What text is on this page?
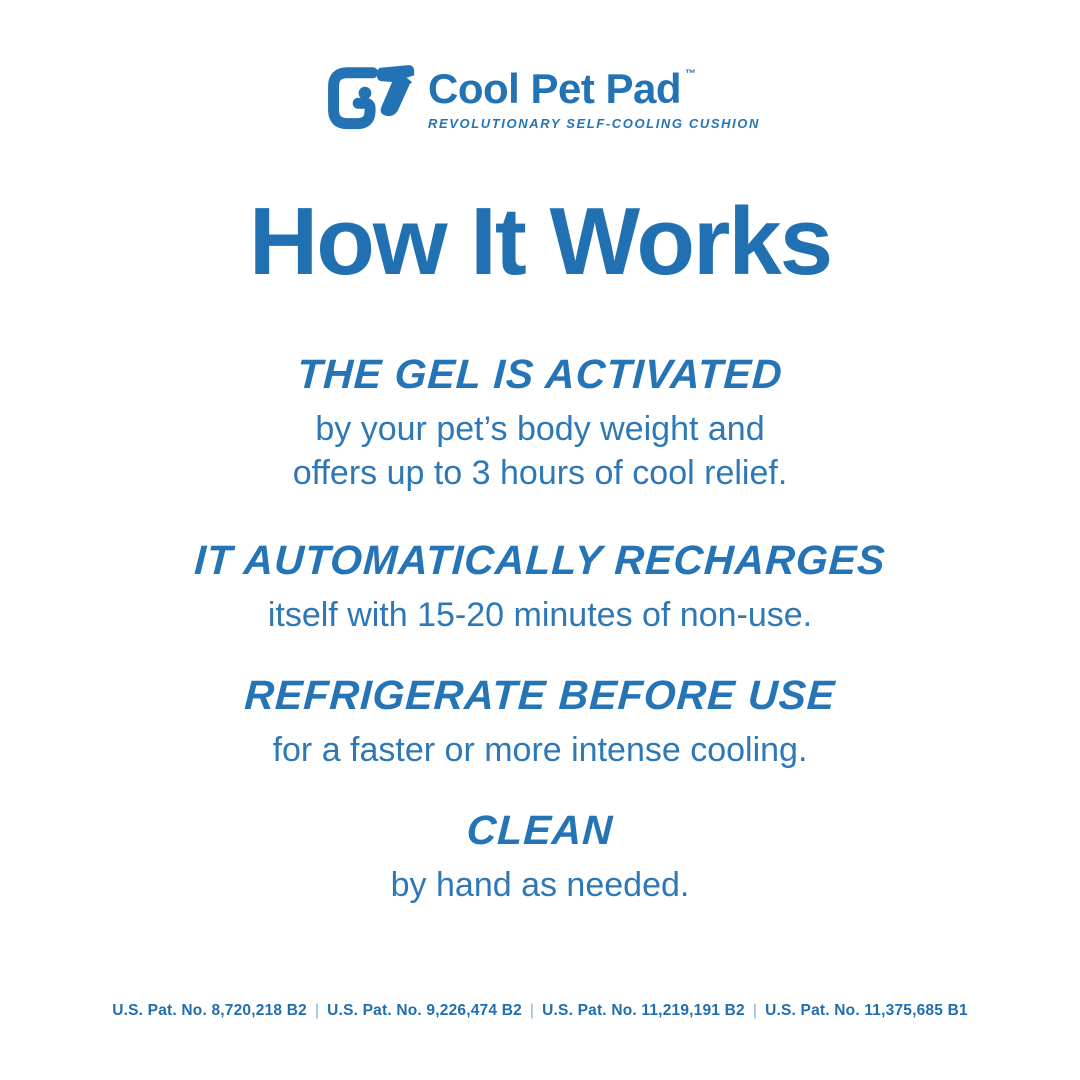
Cool Pet Pad ™
REVOLUTIONARY SELF-COOLING CUSHION
How It Works
THE GEL IS ACTIVATED

by your pet’s body weight and

offers up to 3 hours of cool relief.

IT AUTOMATICALLY RECHARGES

itself with 15-20 minutes of non-use.

REFRIGERATE BEFORE USE

for a faster or more intense cooling.

CLEAN

by hand as needed.

U.S. Pat. No. 8,720,218 B2 | U.S. Pat. No. 9,226,474 B2 | U.S. Pat. No. 11,219,191 B2 | U.S. Pat. No. 11,375,685 B1
